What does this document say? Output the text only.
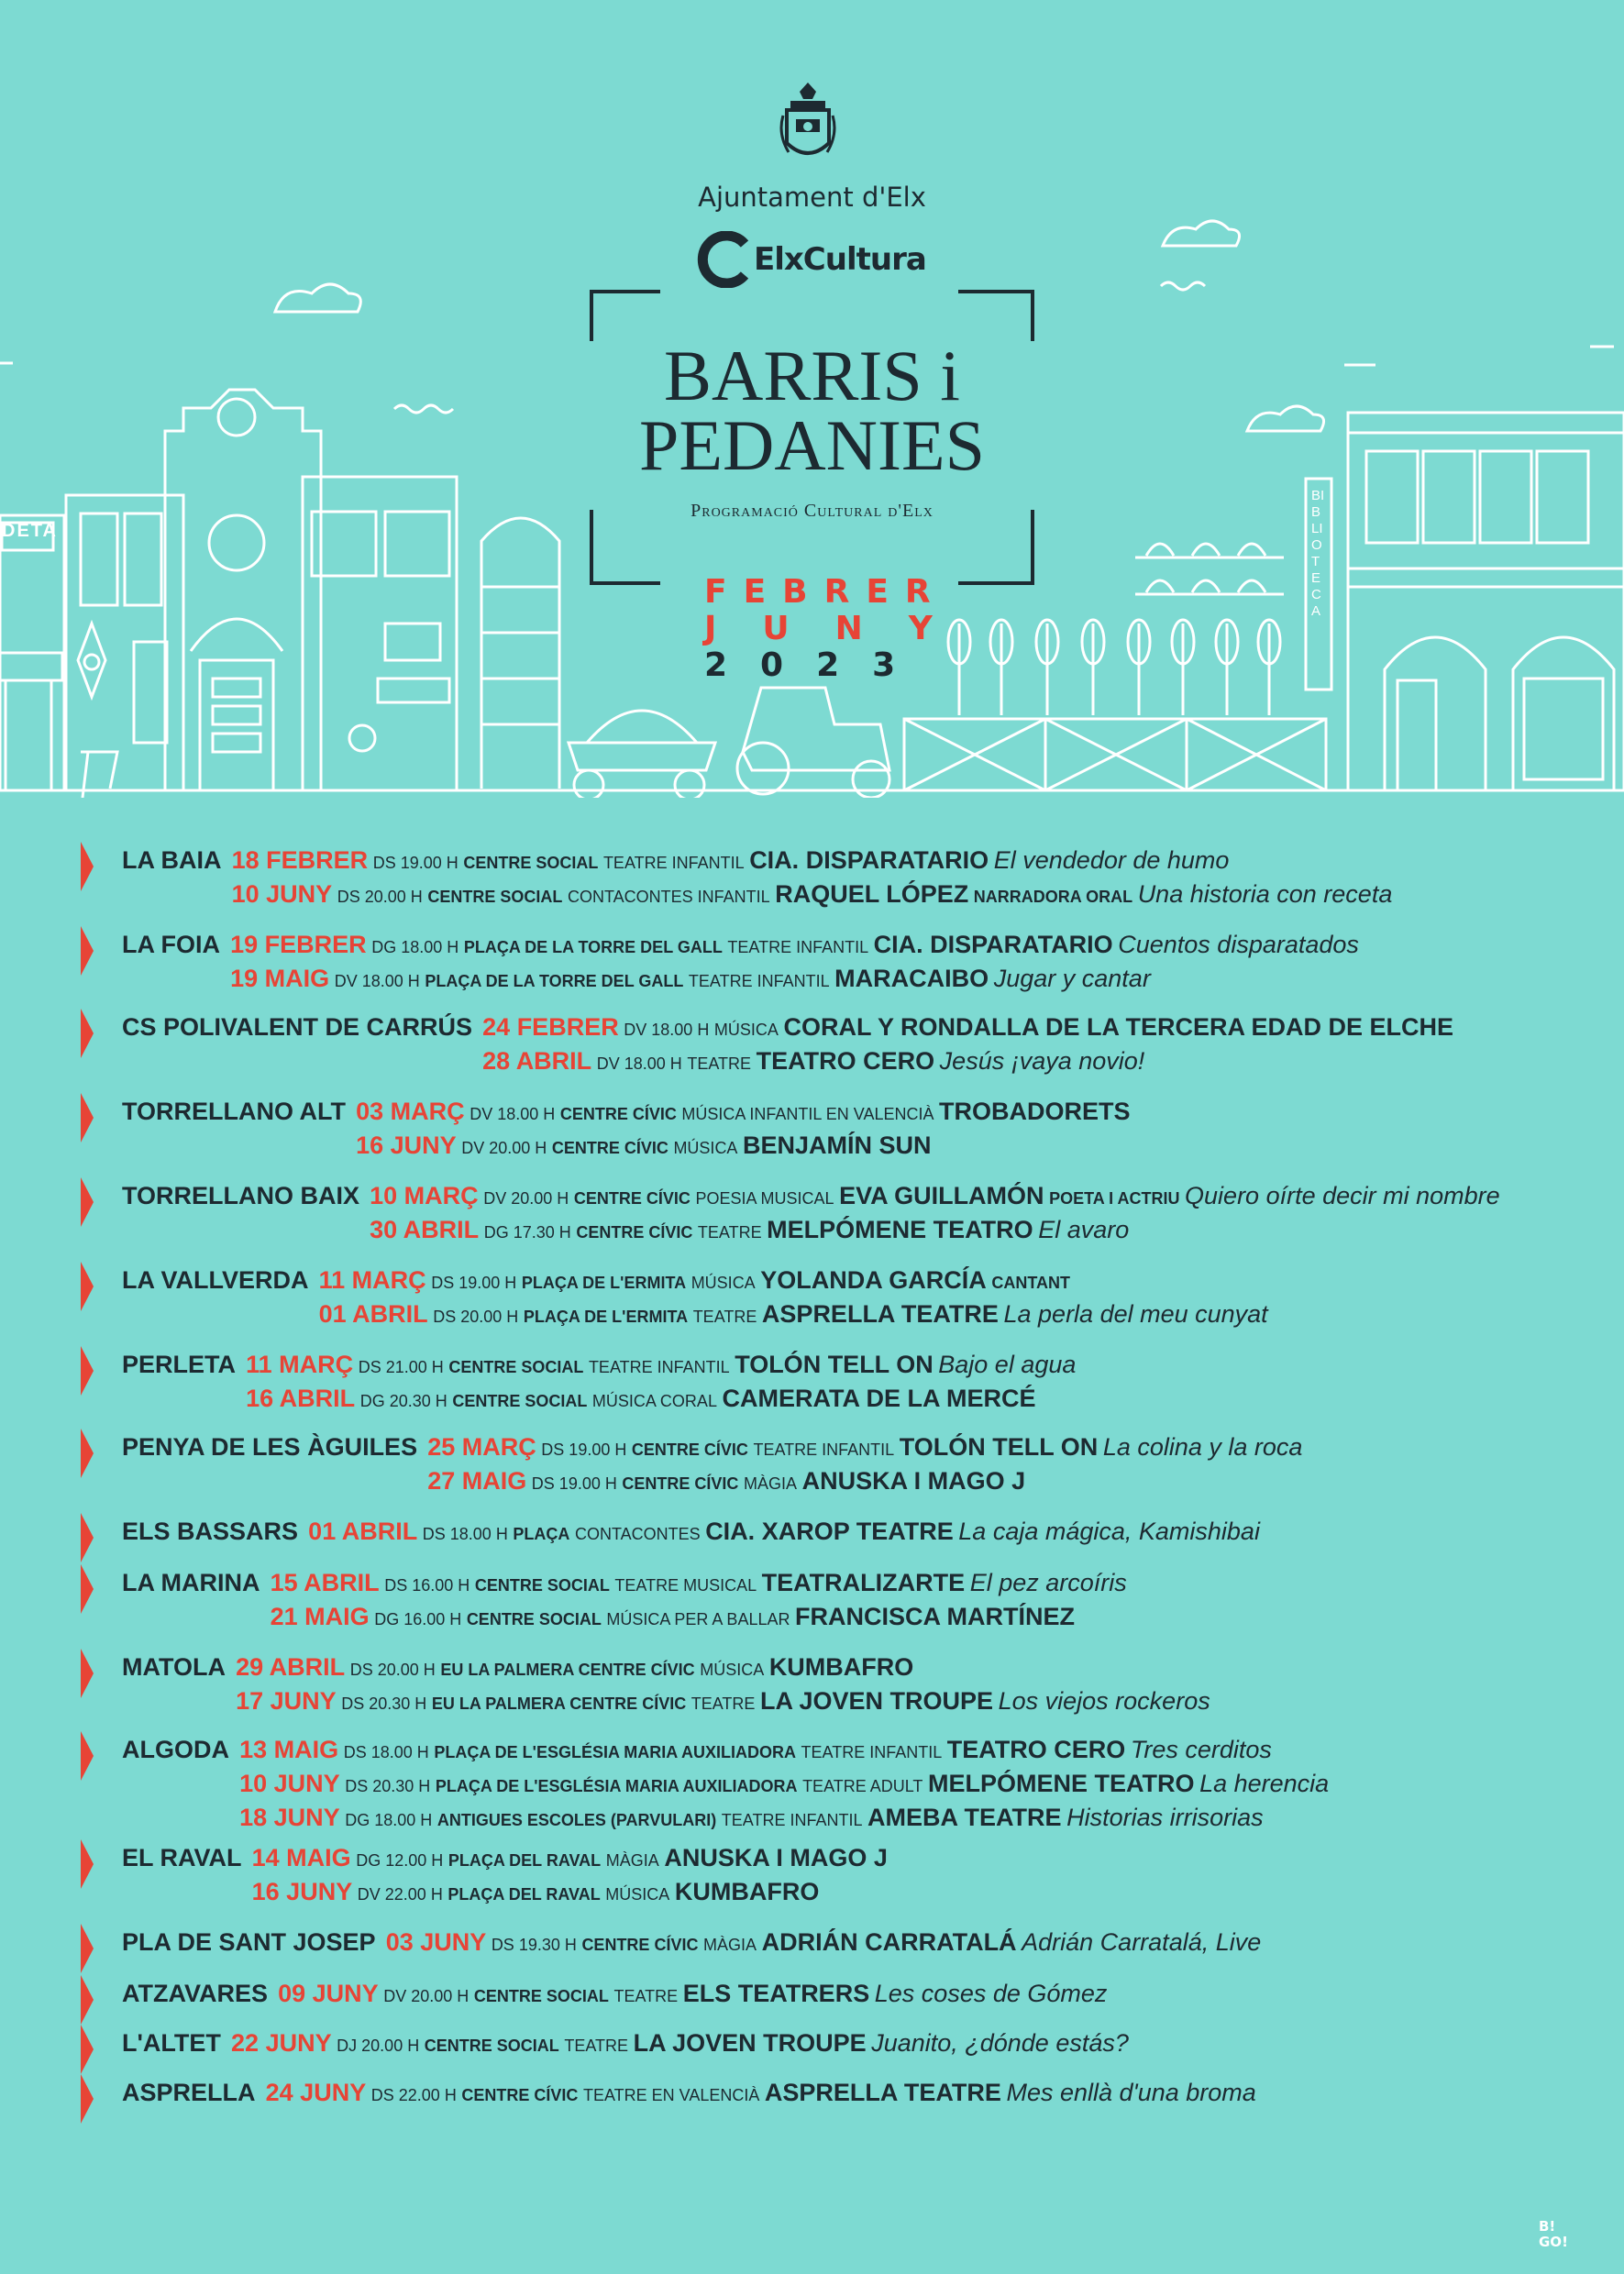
Ajuntament d'Elx
ElxCultura
BARRIS i
PEDANIES
Programació Cultural d'Elx
FEBRER
JUNY
2023
DETA
BIBLIOTECA
LA BAIA 18 FEBRER DS 19.00 H CENTRE SOCIAL TEATRE INFANTIL CIA. DISPARATARIO El vendedor de humo
10 JUNY DS 20.00 H CENTRE SOCIAL CONTACONTES INFANTIL RAQUEL LÓPEZ NARRADORA ORAL Una historia con receta
LA FOIA 19 FEBRER DG 18.00 H PLAÇA DE LA TORRE DEL GALL TEATRE INFANTIL CIA. DISPARATARIO Cuentos disparatados
19 MAIG DV 18.00 H PLAÇA DE LA TORRE DEL GALL TEATRE INFANTIL MARACAIBO Jugar y cantar
CS POLIVALENT DE CARRÚS 24 FEBRER DV 18.00 H MÚSICA CORAL Y RONDALLA DE LA TERCERA EDAD DE ELCHE
28 ABRIL DV 18.00 H TEATRE TEATRO CERO Jesús ¡vaya novio!
TORRELLANO ALT 03 MARÇ DV 18.00 H CENTRE CÍVIC MÚSICA INFANTIL EN VALENCIÀ TROBADORETS
16 JUNY DV 20.00 H CENTRE CÍVIC MÚSICA BENJAMÍN SUN
TORRELLANO BAIX 10 MARÇ DV 20.00 H CENTRE CÍVIC POESIA MUSICAL EVA GUILLAMÓN POETA I ACTRIU Quiero oírte decir mi nombre
30 ABRIL DG 17.30 H CENTRE CÍVIC TEATRE MELPÓMENE TEATRO El avaro
LA VALLVERDA 11 MARÇ DS 19.00 H PLAÇA DE L'ERMITA MÚSICA YOLANDA GARCÍA CANTANT
01 ABRIL DS 20.00 H PLAÇA DE L'ERMITA TEATRE ASPRELLA TEATRE La perla del meu cunyat
PERLETA 11 MARÇ DS 21.00 H CENTRE SOCIAL TEATRE INFANTIL TOLÓN TELL ON Bajo el agua
16 ABRIL DG 20.30 H CENTRE SOCIAL MÚSICA CORAL CAMERATA DE LA MERCÉ
PENYA DE LES ÀGUILES 25 MARÇ DS 19.00 H CENTRE CÍVIC TEATRE INFANTIL TOLÓN TELL ON La colina y la roca
27 MAIG DS 19.00 H CENTRE CÍVIC MÀGIA ANUSKA I MAGO J
ELS BASSARS 01 ABRIL DS 18.00 H PLAÇA CONTACONTES CIA. XAROP TEATRE La caja mágica, Kamishibai
LA MARINA 15 ABRIL DS 16.00 H CENTRE SOCIAL TEATRE MUSICAL TEATRALIZARTE El pez arcoíris
21 MAIG DG 16.00 H CENTRE SOCIAL MÚSICA PER A BALLAR FRANCISCA MARTÍNEZ
MATOLA 29 ABRIL DS 20.00 H EU LA PALMERA CENTRE CÍVIC MÚSICA KUMBAFRO
17 JUNY DS 20.30 H EU LA PALMERA CENTRE CÍVIC TEATRE LA JOVEN TROUPE Los viejos rockeros
ALGODA 13 MAIG DS 18.00 H PLAÇA DE L'ESGLÉSIA MARIA AUXILIADORA TEATRE INFANTIL TEATRO CERO Tres cerditos
10 JUNY DS 20.30 H PLAÇA DE L'ESGLÉSIA MARIA AUXILIADORA TEATRE ADULT MELPÓMENE TEATRO La herencia
18 JUNY DG 18.00 H ANTIGUES ESCOLES (PARVULARI) TEATRE INFANTIL AMEBA TEATRE Historias irrisorias
EL RAVAL 14 MAIG DG 12.00 H PLAÇA DEL RAVAL MÀGIA ANUSKA I MAGO J
16 JUNY DV 22.00 H PLAÇA DEL RAVAL MÚSICA KUMBAFRO
PLA DE SANT JOSEP 03 JUNY DS 19.30 H CENTRE CÍVIC MÀGIA ADRIÁN CARRATALÁ Adrián Carratalá, Live
ATZAVARES 09 JUNY DV 20.00 H CENTRE SOCIAL TEATRE ELS TEATRERS Les coses de Gómez
L'ALTET 22 JUNY DJ 20.00 H CENTRE SOCIAL TEATRE LA JOVEN TROUPE Juanito, ¿dónde estás?
ASPRELLA 24 JUNY DS 22.00 H CENTRE CÍVIC TEATRE EN VALENCIÀ ASPRELLA TEATRE Mes enllà d'una broma
B!
GO!
